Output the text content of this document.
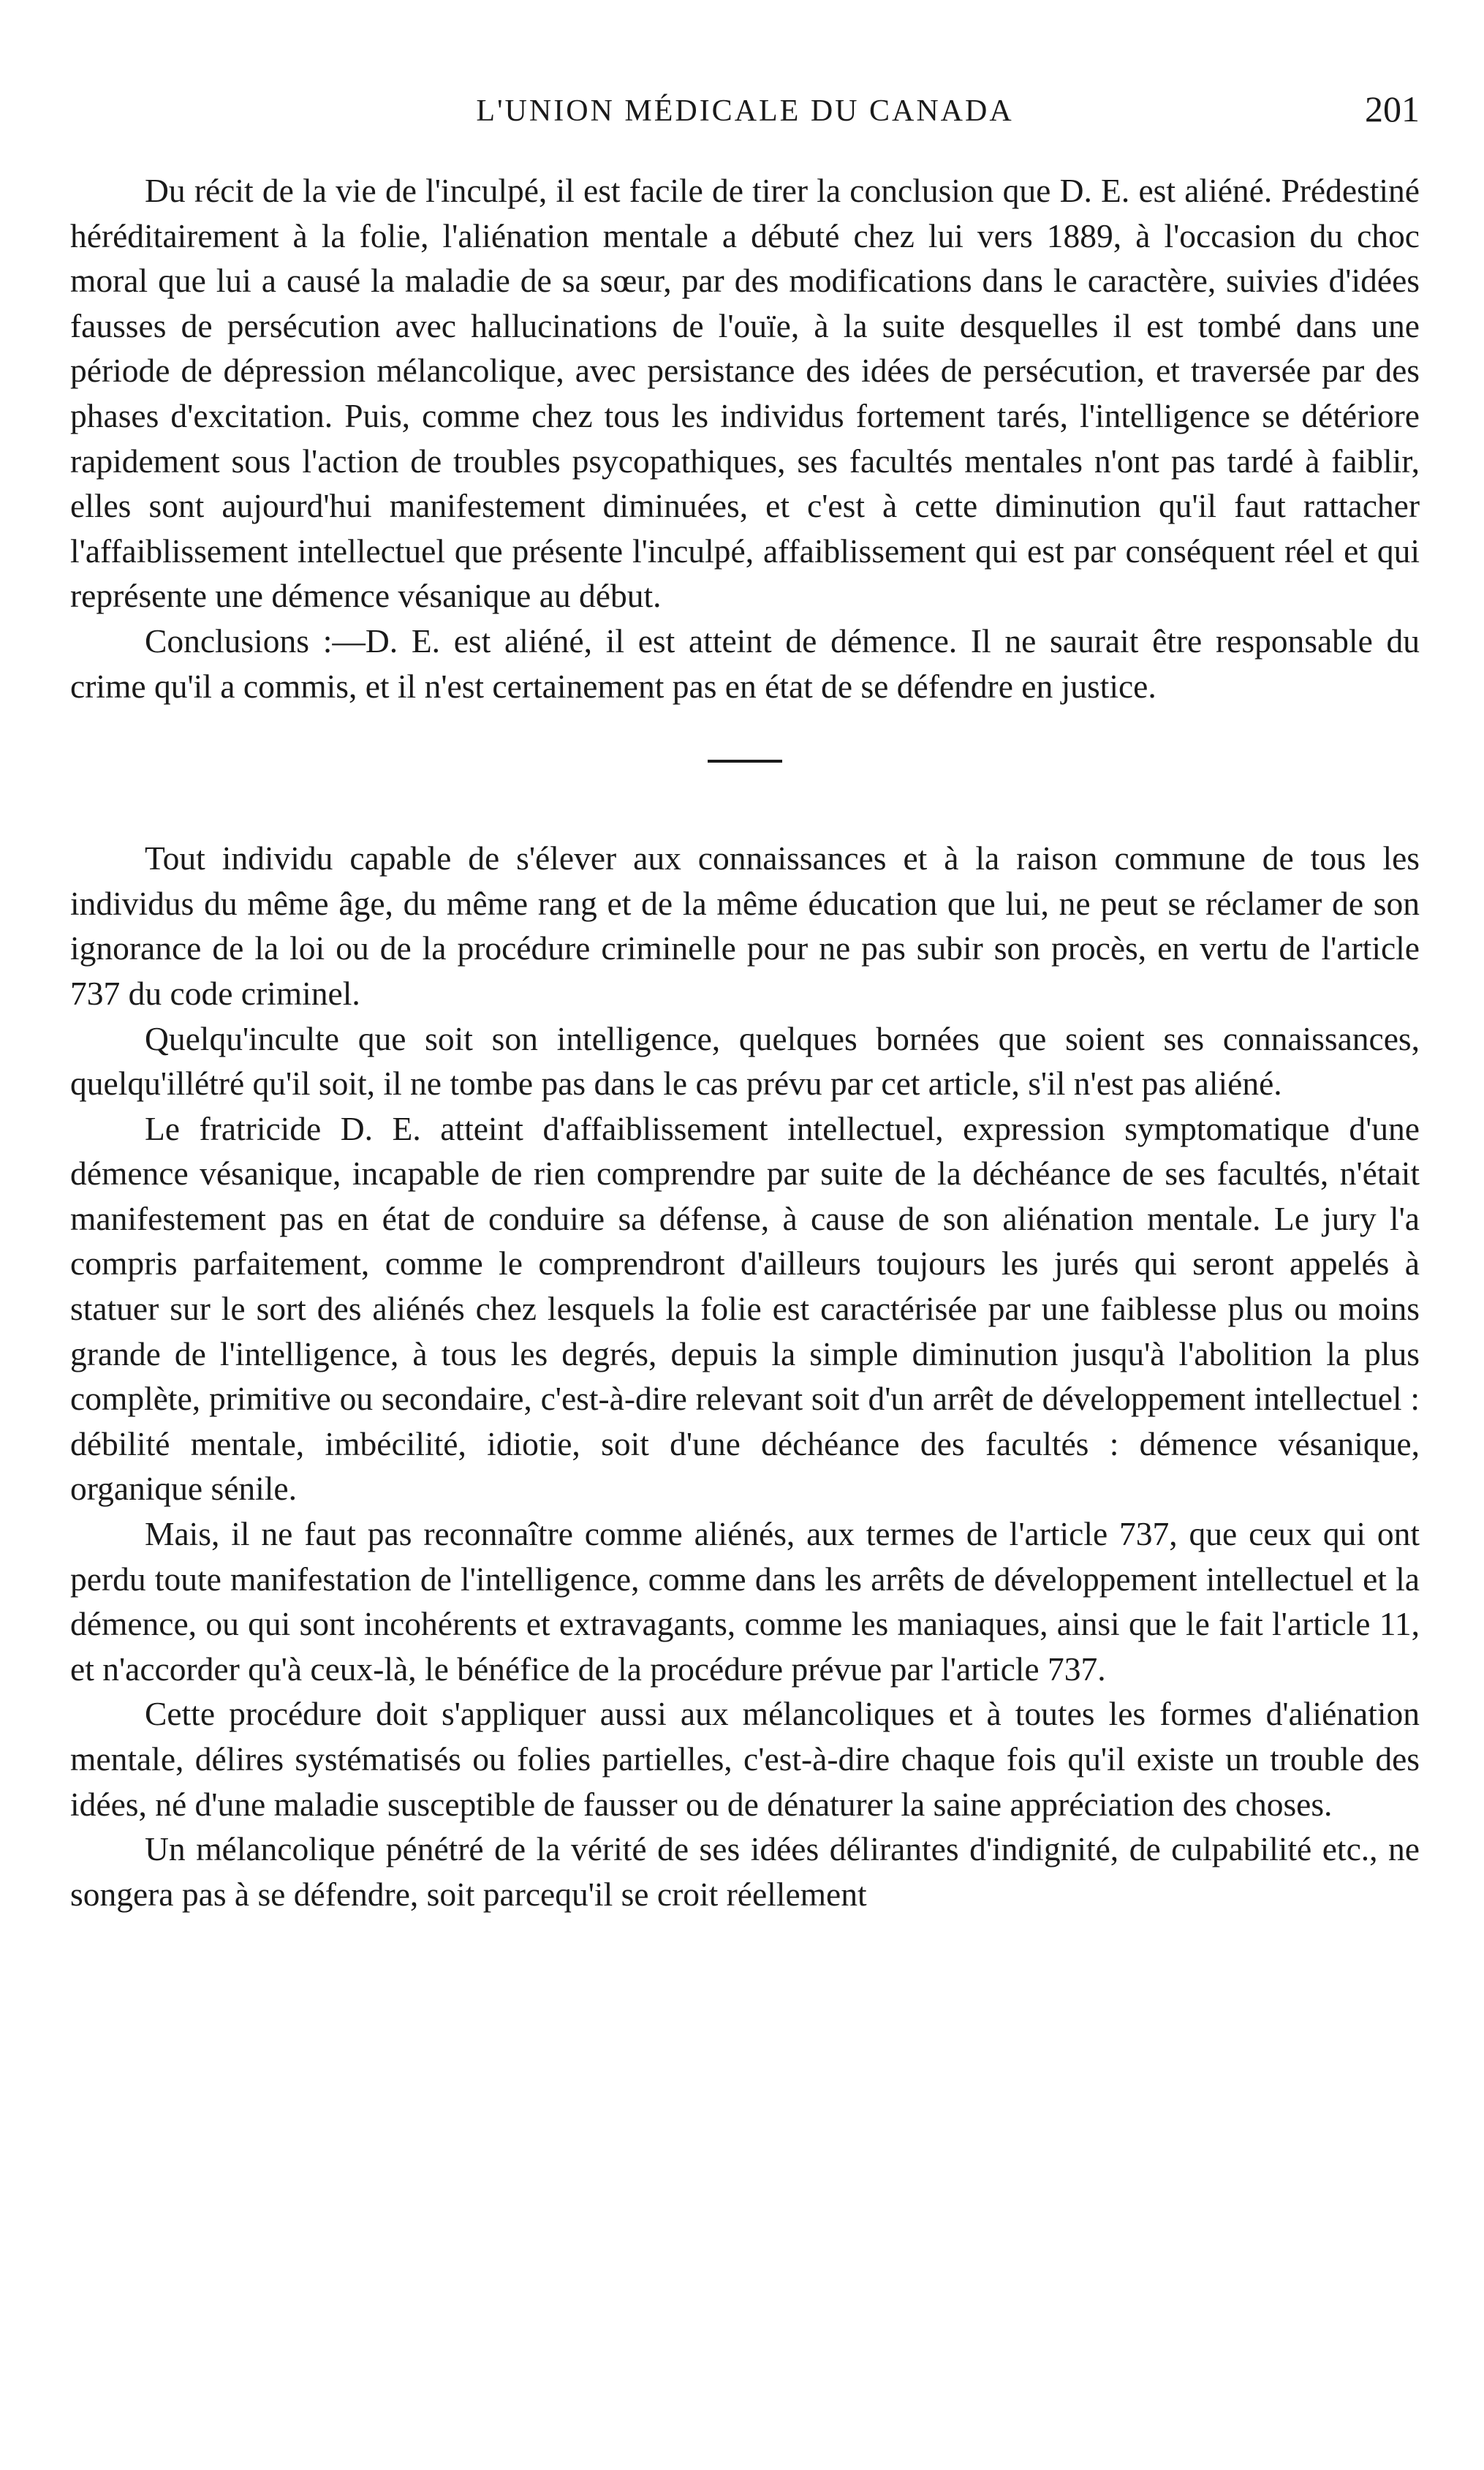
L'UNION MÉDICALE DU CANADA	201

Du récit de la vie de l'inculpé, il est facile de tirer la conclusion que D. E. est aliéné. Prédestiné héréditairement à la folie, l'aliénation mentale a débuté chez lui vers 1889, à l'occasion du choc moral que lui a causé la maladie de sa sœur, par des modifications dans le caractère, suivies d'idées fausses de persécution avec hallucinations de l'ouïe, à la suite desquelles il est tombé dans une période de dépression mélancolique, avec persistance des idées de persécution, et traversée par des phases d'excitation. Puis, comme chez tous les individus fortement tarés, l'intelligence se détériore rapidement sous l'action de troubles psycopathiques, ses facultés mentales n'ont pas tardé à faiblir, elles sont aujourd'hui manifestement diminuées, et c'est à cette diminution qu'il faut rattacher l'affaiblissement intellectuel que présente l'inculpé, affaiblissement qui est par conséquent réel et qui représente une démence vésanique au début.

Conclusions :—D. E. est aliéné, il est atteint de démence. Il ne saurait être responsable du crime qu'il a commis, et il n'est certainement pas en état de se défendre en justice.

Tout individu capable de s'élever aux connaissances et à la raison commune de tous les individus du même âge, du même rang et de la même éducation que lui, ne peut se réclamer de son ignorance de la loi ou de la procédure criminelle pour ne pas subir son procès, en vertu de l'article 737 du code criminel.

Quelqu'inculte que soit son intelligence, quelques bornées que soient ses connaissances, quelqu'illétré qu'il soit, il ne tombe pas dans le cas prévu par cet article, s'il n'est pas aliéné.

Le fratricide D. E. atteint d'affaiblissement intellectuel, expression symptomatique d'une démence vésanique, incapable de rien comprendre par suite de la déchéance de ses facultés, n'était manifestement pas en état de conduire sa défense, à cause de son aliénation mentale. Le jury l'a compris parfaitement, comme le comprendront d'ailleurs toujours les jurés qui seront appelés à statuer sur le sort des aliénés chez lesquels la folie est caractérisée par une faiblesse plus ou moins grande de l'intelligence, à tous les degrés, depuis la simple diminution jusqu'à l'abolition la plus complète, primitive ou secondaire, c'est-à-dire relevant soit d'un arrêt de développement intellectuel : débilité mentale, imbécilité, idiotie, soit d'une déchéance des facultés : démence vésanique, organique sénile.

Mais, il ne faut pas reconnaître comme aliénés, aux termes de l'article 737, que ceux qui ont perdu toute manifestation de l'intelligence, comme dans les arrêts de développement intellectuel et la démence, ou qui sont incohérents et extravagants, comme les maniaques, ainsi que le fait l'article 11, et n'accorder qu'à ceux-là, le bénéfice de la procédure prévue par l'article 737.

Cette procédure doit s'appliquer aussi aux mélancoliques et à toutes les formes d'aliénation mentale, délires systématisés ou folies partielles, c'est-à-dire chaque fois qu'il existe un trouble des idées, né d'une maladie susceptible de fausser ou de dénaturer la saine appréciation des choses.

Un mélancolique pénétré de la vérité de ses idées délirantes d'indignité, de culpabilité etc., ne songera pas à se défendre, soit parcequ'il se croit réellement
